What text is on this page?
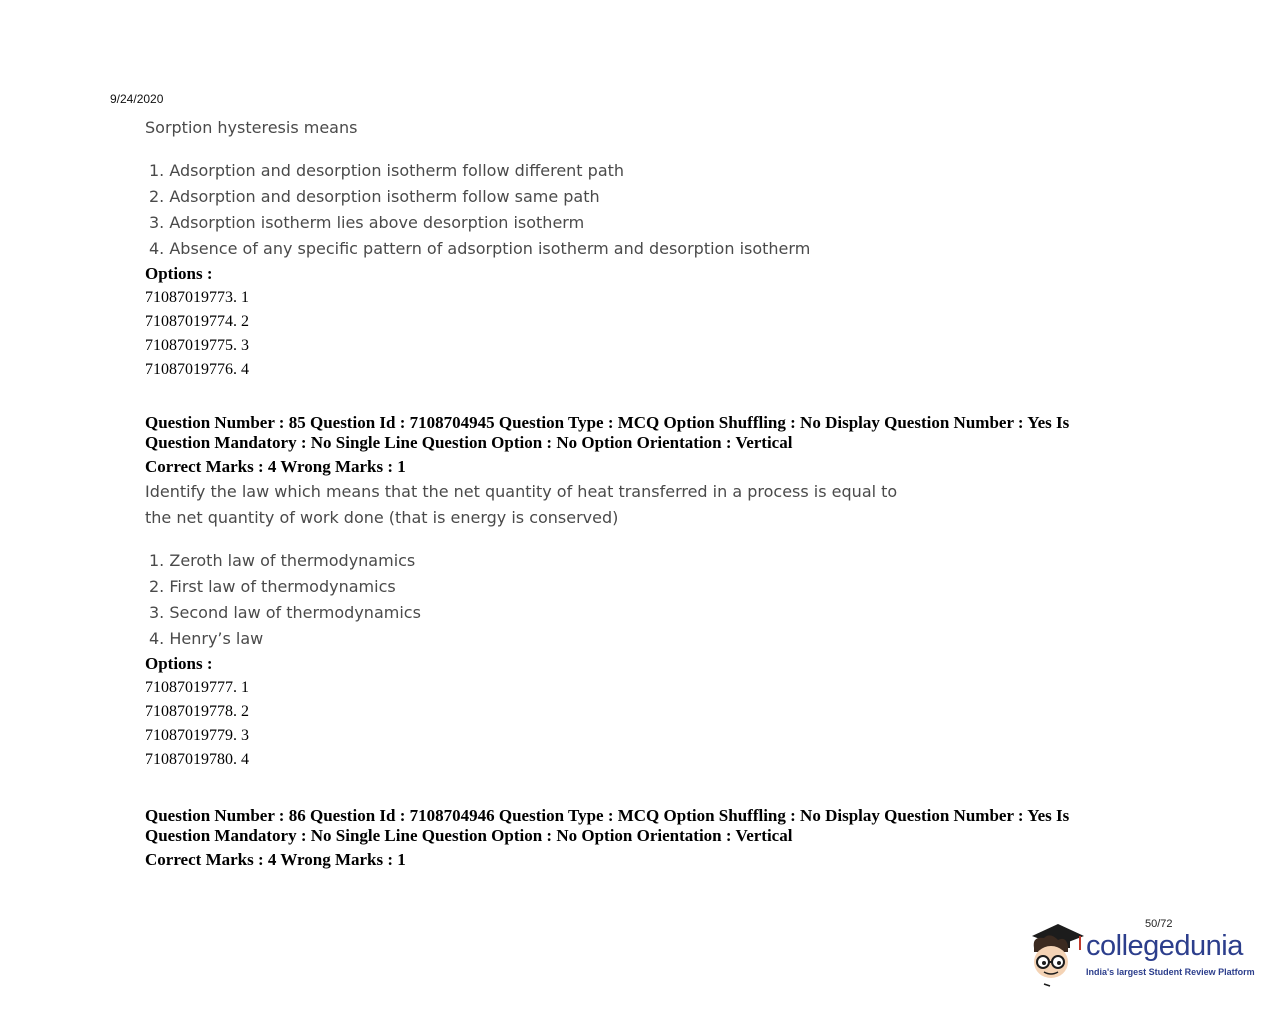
9/24/2020
Sorption hysteresis means
1. Adsorption and desorption isotherm follow different path
2. Adsorption and desorption isotherm follow same path
3. Adsorption isotherm lies above desorption isotherm
4. Absence of any specific pattern of adsorption isotherm and desorption isotherm
Options :
71087019773. 1
71087019774. 2
71087019775. 3
71087019776. 4
Question Number : 85 Question Id : 7108704945 Question Type : MCQ Option Shuffling : No Display Question Number : Yes Is
Question Mandatory : No Single Line Question Option : No Option Orientation : Vertical
Correct Marks : 4 Wrong Marks : 1
Identify the law which means that the net quantity of heat transferred in a process is equal to
the net quantity of work done (that is energy is conserved)
1. Zeroth law of thermodynamics
2. First law of thermodynamics
3. Second law of thermodynamics
4. Henry’s law
Options :
71087019777. 1
71087019778. 2
71087019779. 3
71087019780. 4
Question Number : 86 Question Id : 7108704946 Question Type : MCQ Option Shuffling : No Display Question Number : Yes Is
Question Mandatory : No Single Line Question Option : No Option Orientation : Vertical
Correct Marks : 4 Wrong Marks : 1
50/72
collegedunia
India's largest Student Review Platform
